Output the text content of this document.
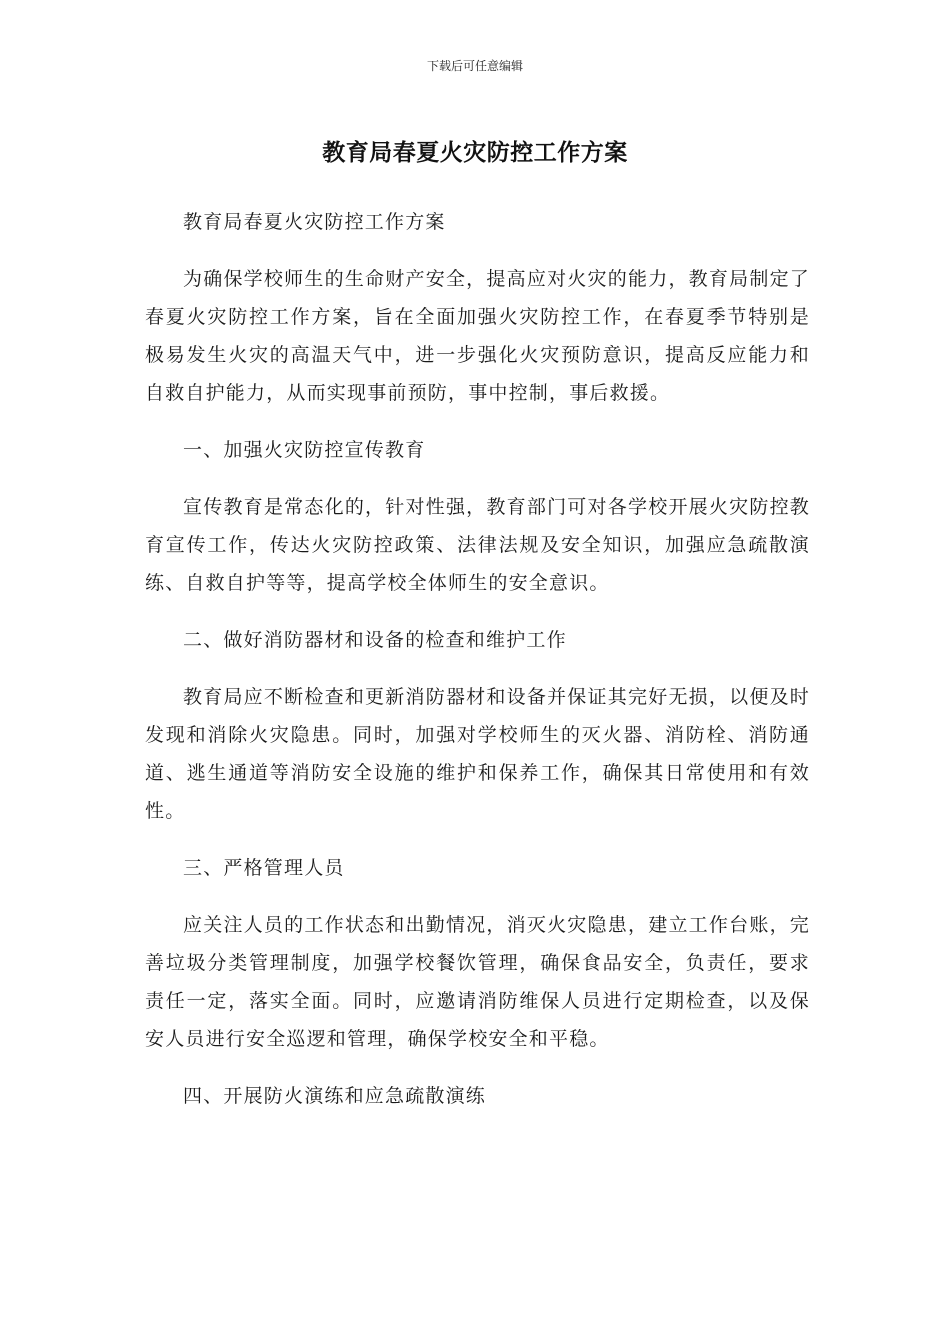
下载后可任意编辑
教育局春夏火灾防控工作方案

教育局春夏火灾防控工作方案

为确保学校师生的生命财产安全，提高应对火灾的能力，教育局制定了春夏火灾防控工作方案，旨在全面加强火灾防控工作，在春夏季节特别是极易发生火灾的高温天气中，进一步强化火灾预防意识，提高反应能力和自救自护能力，从而实现事前预防，事中控制，事后救援。

一、加强火灾防控宣传教育

宣传教育是常态化的，针对性强，教育部门可对各学校开展火灾防控教育宣传工作，传达火灾防控政策、法律法规及安全知识，加强应急疏散演练、自救自护等等，提高学校全体师生的安全意识。

二、做好消防器材和设备的检查和维护工作

教育局应不断检查和更新消防器材和设备并保证其完好无损，以便及时发现和消除火灾隐患。同时，加强对学校师生的灭火器、消防栓、消防通道、逃生通道等消防安全设施的维护和保养工作，确保其日常使用和有效性。

三、严格管理人员

应关注人员的工作状态和出勤情况，消灭火灾隐患，建立工作台账，完善垃圾分类管理制度，加强学校餐饮管理，确保食品安全，负责任，要求责任一定，落实全面。同时，应邀请消防维保人员进行定期检查，以及保安人员进行安全巡逻和管理，确保学校安全和平稳。

四、开展防火演练和应急疏散演练
